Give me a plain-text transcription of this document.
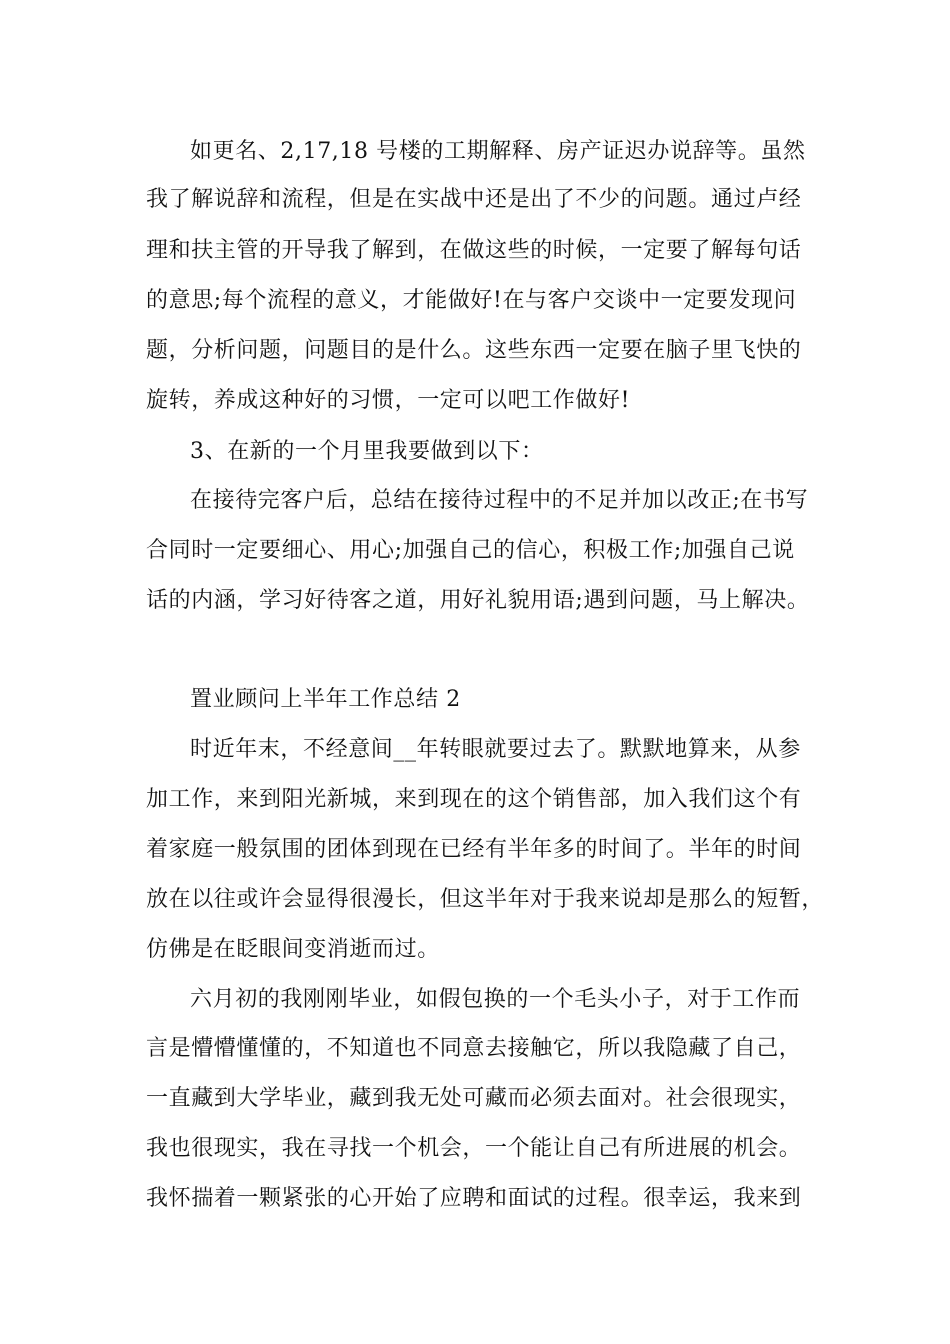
如更名、2,17,18 号楼的工期解释、房产证迟办说辞等。虽然

我了解说辞和流程，但是在实战中还是出了不少的问题。通过卢经

理和扶主管的开导我了解到，在做这些的时候，一定要了解每句话

的意思;每个流程的意义，才能做好!在与客户交谈中一定要发现问

题，分析问题，问题目的是什么。这些东西一定要在脑子里飞快的

旋转，养成这种好的习惯，一定可以吧工作做好!

3、在新的一个月里我要做到以下：

在接待完客户后，总结在接待过程中的不足并加以改正;在书写

合同时一定要细心、用心;加强自己的信心，积极工作;加强自己说

话的内涵，学习好待客之道，用好礼貌用语;遇到问题，马上解决。

置业顾问上半年工作总结 2

时近年末，不经意间__年转眼就要过去了。默默地算来，从参

加工作，来到阳光新城，来到现在的这个销售部，加入我们这个有

着家庭一般氛围的团体到现在已经有半年多的时间了。半年的时间

放在以往或许会显得很漫长，但这半年对于我来说却是那么的短暂，

仿佛是在眨眼间变消逝而过。

六月初的我刚刚毕业，如假包换的一个毛头小子，对于工作而

言是懵懵懂懂的，不知道也不同意去接触它，所以我隐藏了自己，

一直藏到大学毕业，藏到我无处可藏而必须去面对。社会很现实，

我也很现实，我在寻找一个机会，一个能让自己有所进展的机会。

我怀揣着一颗紧张的心开始了应聘和面试的过程。很幸运，我来到
